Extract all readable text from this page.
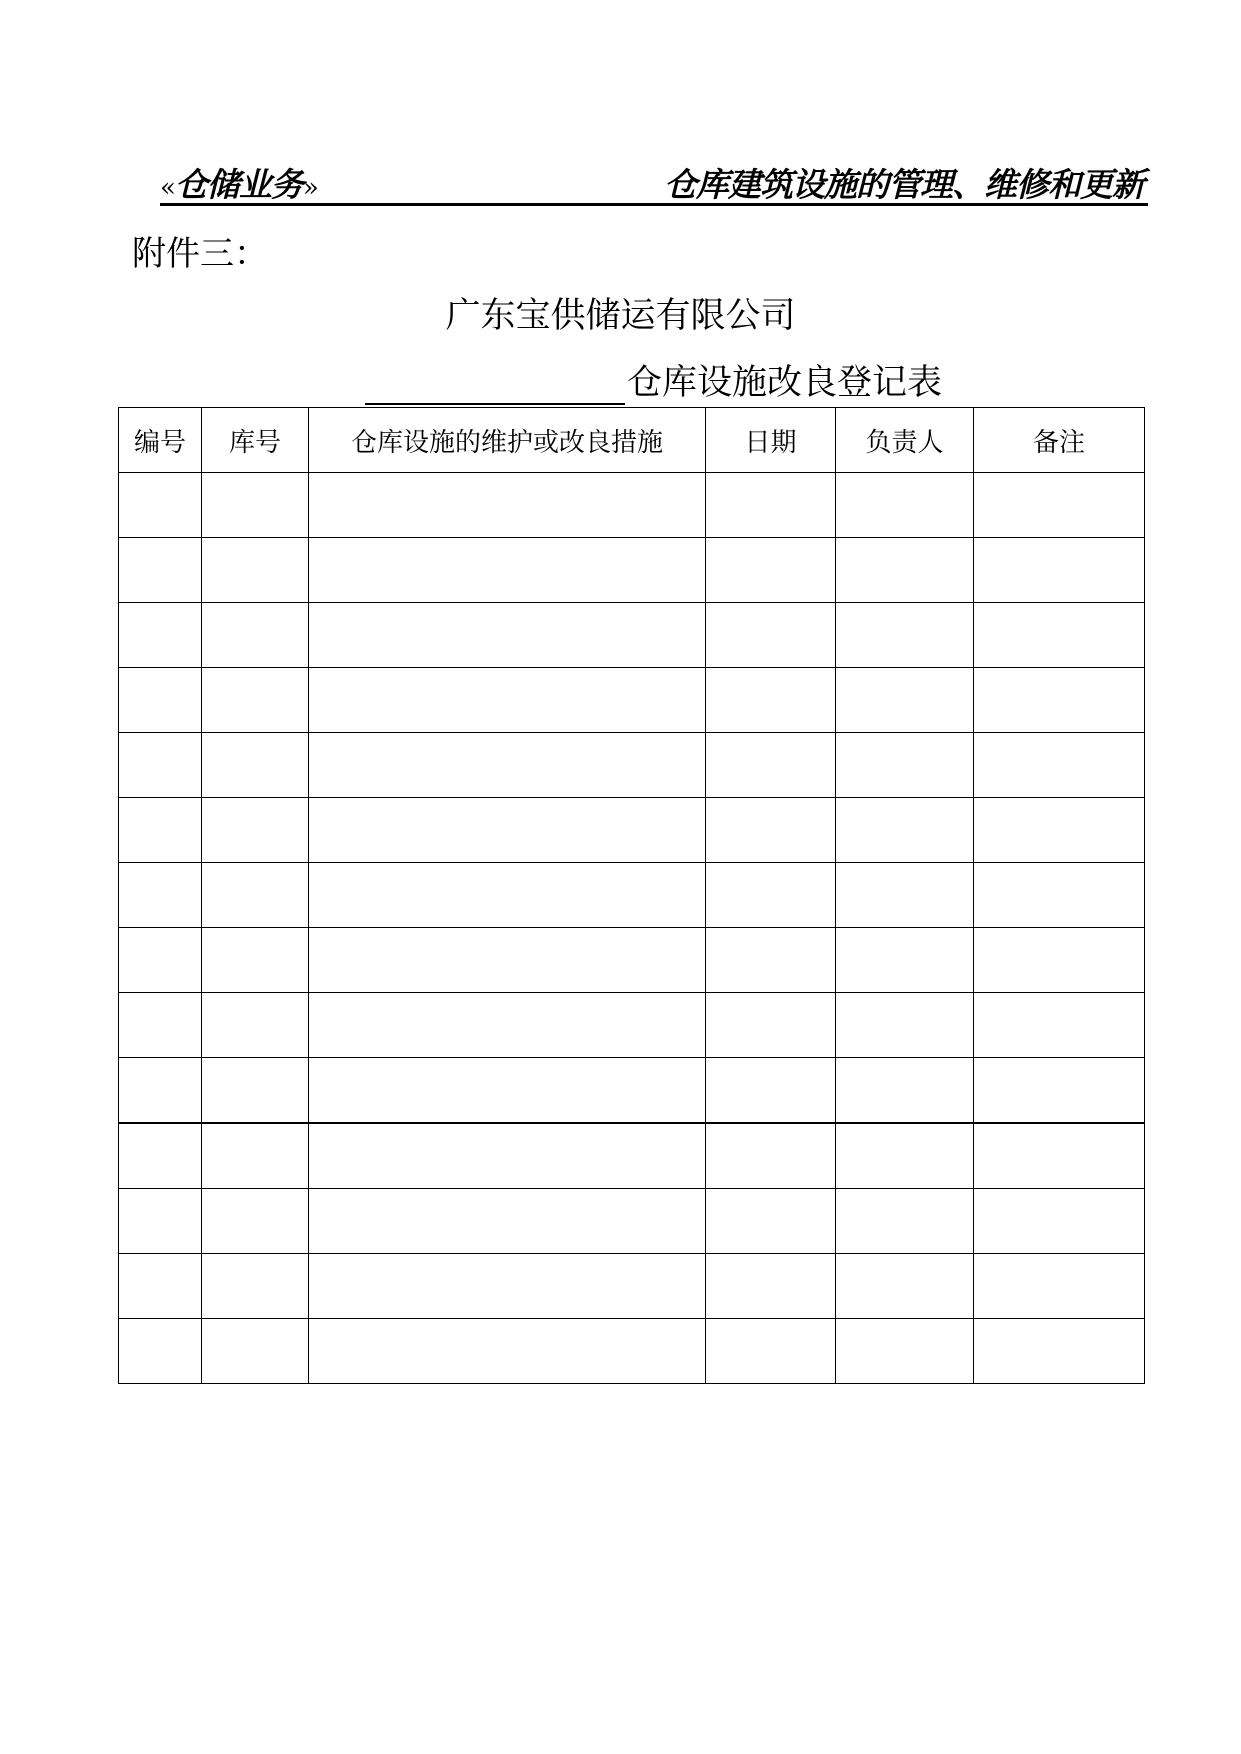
«仓储业务»	仓库建筑设施的管理、维修和更新
附件三：
广东宝供储运有限公司
仓库设施改良登记表
编号	库号	仓库设施的维护或改良措施	日期	负责人	备注
